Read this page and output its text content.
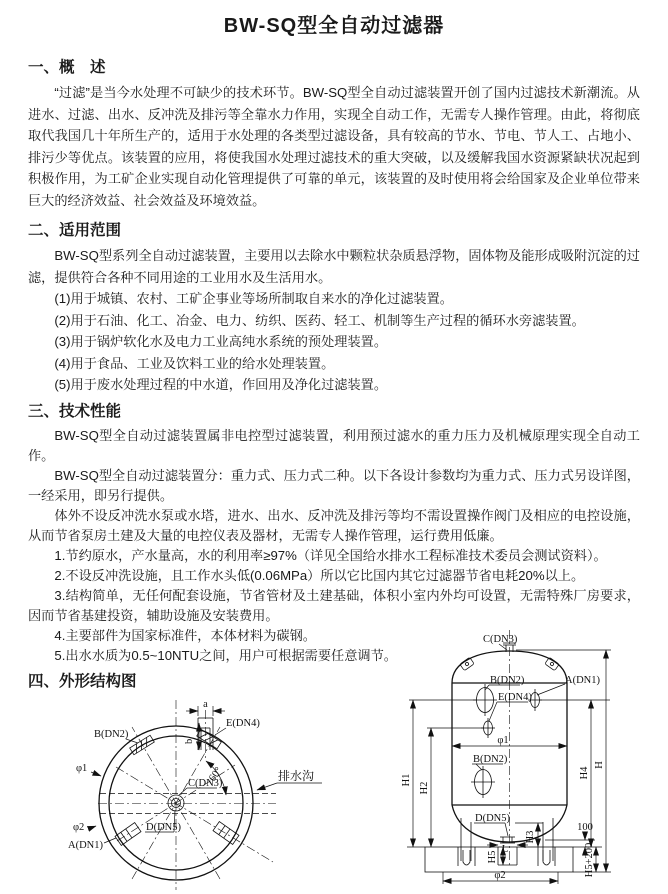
BW-SQ型全自动过滤器
一、概　述

“过滤”是当今水处理不可缺少的技术环节。BW-SQ型全自动过滤装置开创了国内过滤技术新潮流。从进水、过滤、出水、反冲洗及排污等全靠水力作用，实现全自动工作，无需专人操作管理。由此，将彻底取代我国几十年所生产的，适用于水处理的各类型过滤设备，具有较高的节水、节电、节人工、占地小、排污少等优点。该装置的应用，将使我国水处理过滤技术的重大突破，以及缓解我国水资源紧缺状况起到积极作用，为工矿企业实现自动化管理提供了可靠的单元，该装置的及时使用将会给国家及企业单位带来巨大的经济效益、社会效益及环境效益。

二、适用范围

BW-SQ型系列全自动过滤装置，主要用以去除水中颗粒状杂质悬浮物，固体物及能形成吸附沉淀的过滤，提供符合各种不同用途的工业用水及生活用水。

(1)用于城镇、农村、工矿企事业等场所制取自来水的净化过滤装置。

(2)用于石油、化工、冶金、电力、纺织、医药、轻工、机制等生产过程的循环水旁滤装置。

(3)用于锅炉软化水及电力工业高纯水系统的预处理装置。

(4)用于食品、工业及饮料工业的给水处理装置。

(5)用于废水处理过程的中水道，作回用及净化过滤装置。

三、技术性能

BW-SQ型全自动过滤装置属非电控型过滤装置，利用预过滤水的重力压力及机械原理实现全自动工作。

BW-SQ型全自动过滤装置分：重力式、压力式二种。以下各设计参数均为重力式、压力式另设详图，一经采用，即另行提供。

体外不设反冲洗水泵或水塔，进水、出水、反冲洗及排污等均不需设置操作阀门及相应的电控设施，从而节省泵房土建及大量的电控仪表及器材，无需专人操作管理，运行费用低廉。

1.节约原水，产水量高，水的利用率≥97%（详见全国给水排水工程标准技术委员会测试资料）。

2.不设反冲洗设施，且工作水头低(0.06MPa）所以它比国内其它过滤器节省电耗20%以上。

3.结构简单，无任何配套设施，节省管材及土建基础，体积小室内外均可设置，无需特殊厂房要求，因而节省基建投资，辅助设施及安装费用。

4.主要部件为国家标准件，本体材料为碳钢。

5.出水水质为0.5~10NTU之间，用户可根据需要任意调节。

四、外形结构图
a
b
60°
B(DN2)
E(DN4)
φ1
φ2
C(DN3)
D(DN5)
A(DN1)
排水沟	H1
H2
H4
H
H3
100
H5+200
H5
L
φ1
φ2
C(DN3)
B(DN2)	A(DN1)
E(DN4)
B(DN2)
D(DN5)
